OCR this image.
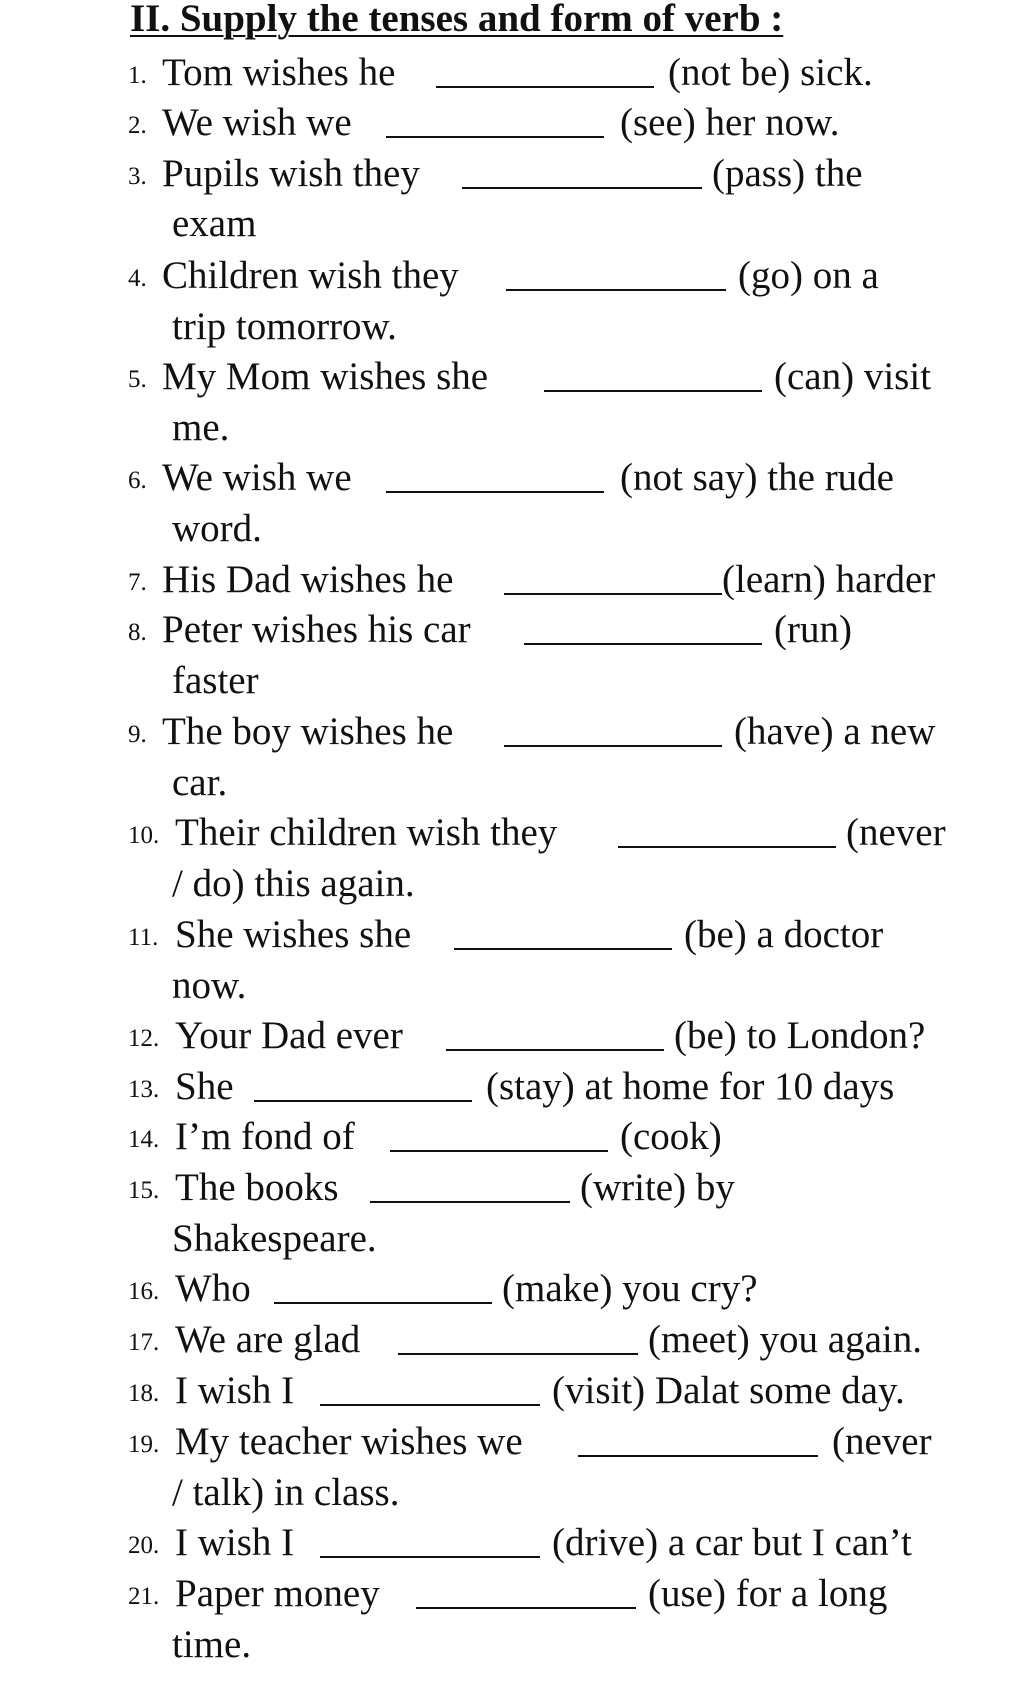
II. Supply the tenses and form of verb :
1. Tom wishes he	(not be) sick.
2. We wish we	(see) her now.
3. Pupils wish they	(pass) the
exam
4. Children wish they	(go) on a
trip tomorrow.
5. My Mom wishes she	(can) visit
me.
6. We wish we	(not say) the rude
word.
7. His Dad wishes he	(learn) harder
8. Peter wishes his car	(run)
faster
9. The boy wishes he	(have) a new
car.
10. Their children wish they	(never
/ do) this again.
11. She wishes she	(be) a doctor
now.
12. Your Dad ever	(be) to London?
13. She	(stay) at home for 10 days
14. I’m fond of	(cook)
15. The books	(write) by
Shakespeare.
16. Who	(make) you cry?
17. We are glad	(meet) you again.
18. I wish I	(visit) Dalat some day.
19. My teacher wishes we	(never
/ talk) in class.
20. I wish I	(drive) a car but I can’t
21. Paper money	(use) for a long
time.
